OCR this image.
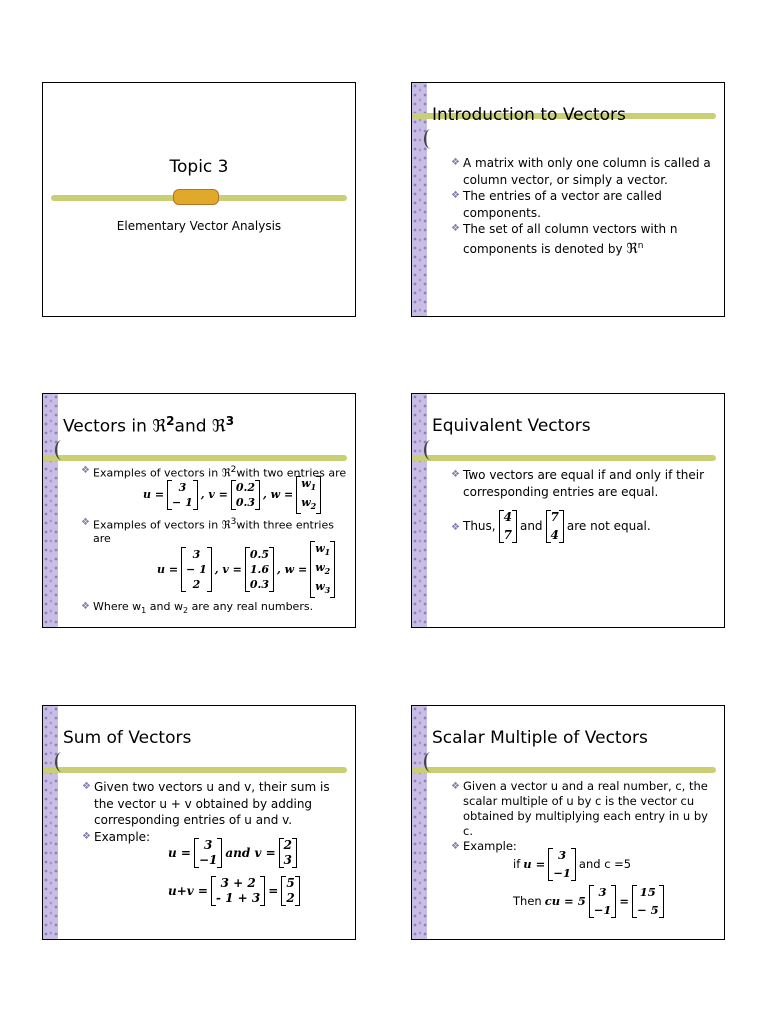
Topic 3
Elementary Vector Analysis
Introduction to Vectors
❖ A matrix with only one column is called a column vector, or simply a vector.
❖ The entries of a vector are called components.
❖ The set of all column vectors with n components is denoted by ℜ$^n$
Vectors in ℜ$^2$and ℜ$^3$
❖ Examples of vectors in ℜ$^2$with two entries are
u =
3
− 1
, v =
0.2
0.3
, w =
$w_1$
$w_2$
❖ Examples of vectors in ℜ$^3$with three entries are
u =
3
− 1
2
, v =
0.5
1.6
0.3
, w =
$w_1$
$w_2$
$w_3$
❖ Where $w_1$ and $w_2$ are any real numbers.
Equivalent Vectors
❖ Two vectors are equal if and only if their corresponding entries are equal.
❖ Thus,
4
7
and
7
4
are not equal.
Sum of Vectors
❖ Given two vectors u and v, their sum is the vector u + v obtained by adding corresponding entries of u and v.
❖ Example:
u =
3
−1
and v =
2
3

u+v =
3 + 2
- 1 + 3
=
5
2
Scalar Multiple of Vectors
❖ Given a vector u and a real number, c, the scalar multiple of u by c is the vector cu obtained by multiplying each entry in u by c.
❖ Example:
if u =
3
−1
and c =5
Then cu = 5
3
−1
=
15
− 5
